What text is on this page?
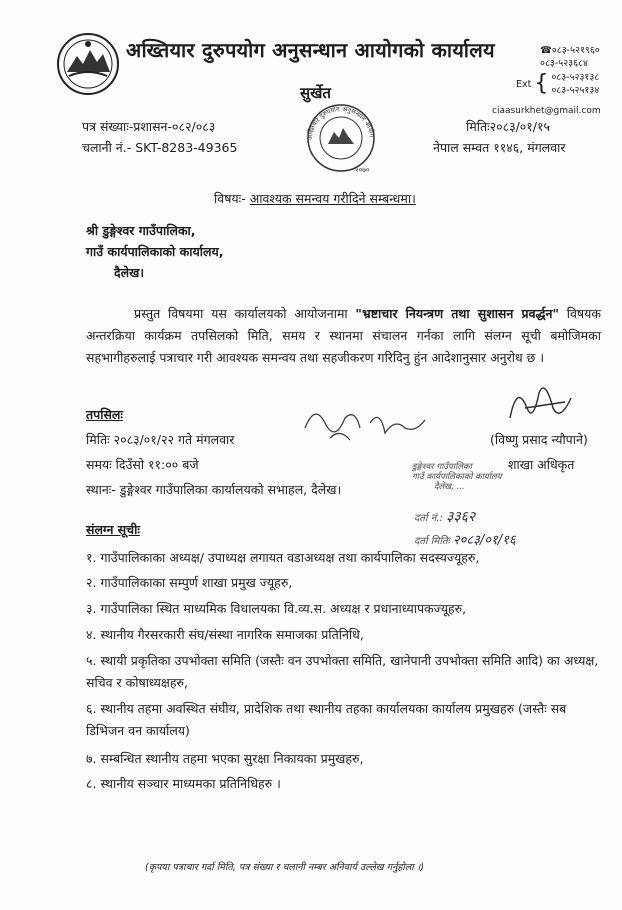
अख्तियार दुरुपयोग अनुसन्धान आयोगको कार्यालय
सुर्खेत
☎०८३-५२१९६०
०८३-५२३६८४
Ext { ०८३-५२३१३८
०८३-५२५१३४
ciaasurkhet@gmail.com
पत्र संख्याः-प्रशासन-०८२/०८३
चलानी नं.- SKT-8283-49365
अख्तियार दुरुपयोग अनुसन्धान आयोग
२०७०
मितिः२०८३/०१/१५
नेपाल सम्वत ११४६, मंगलवार
विषयः- आवश्यक समन्वय गरीदिने सम्बन्धमा।
श्री डुङ्गेश्वर गाउँपालिका,
गाउँ कार्यपालिकाको कार्यालय,
दैलेख।
प्रस्तुत विषयमा यस कार्यालयको आयोजनामा "भ्रष्टाचार नियन्त्रण तथा सुशासन प्रवर्द्धन" विषयक अन्तरक्रिया कार्यक्रम तपसिलको मिति, समय र स्थानमा संचालन गर्नका लागि संलग्न सूची बमोजिमका सहभागीहरुलाई पत्राचार गरी आवश्यक समन्वय तथा सहजीकरण गरिदिनु हुंन आदेशानुसार अनुरोध छ ।
तपसिलः
मितिः २०८३/०१/२२ गते मंगलवार
समयः दिउँसो ११:०० बजे
स्थानः- डुङ्गेश्वर गाउँपालिका कार्यालयको सभाहल, दैलेख।
(विष्णु प्रसाद न्यौपाने)
शाखा अधिकृत
डुङ्गेश्वर गाउँपालिका
गाउँ कार्यपालिकाको कार्यालय
दैलेख, ...
दर्ता नं.: ३३६२
दर्ता मितिः २०८३/०१/१६
संलग्न सूचीः
१. गाउँपालिकाका अध्यक्ष/ उपाध्यक्ष लगायत वडाअध्यक्ष तथा कार्यपालिका सदस्यज्यूहरु,
२. गाउँपालिकाका सम्पुर्ण शाखा प्रमुख ज्यूहरु,
३. गाउँपालिका स्थित माध्यमिक विधालयका वि.व्य.स. अध्यक्ष र प्रधानाध्यापकज्यूहरु,
४. स्थानीय गैरसरकारी संघ/संस्था नागरिक समाजका प्रतिनिधि,
५. स्थायी प्रकृतिका उपभोक्ता समिति (जस्तैः वन उपभोक्ता समिति, खानेपानी उपभोक्ता समिति आदि) का अध्यक्ष, सचिव र कोषाध्यक्षहरु,
६. स्थानीय तहमा अवस्थित संघीय, प्रादेशिक तथा स्थानीय तहका कार्यालयका कार्यालय प्रमुखहरु (जस्तैः सब डिभिजन वन कार्यालय)
७. सम्बन्धित स्थानीय तहमा भएका सुरक्षा निकायका प्रमुखहरु,
८. स्थानीय सञ्चार माध्यमका प्रतिनिधिहरु ।
(कृपया पत्राचार गर्दा मिति, पत्र संख्या र चलानी नम्बर अनिवार्य उल्लेख गर्नुहोला ।)
